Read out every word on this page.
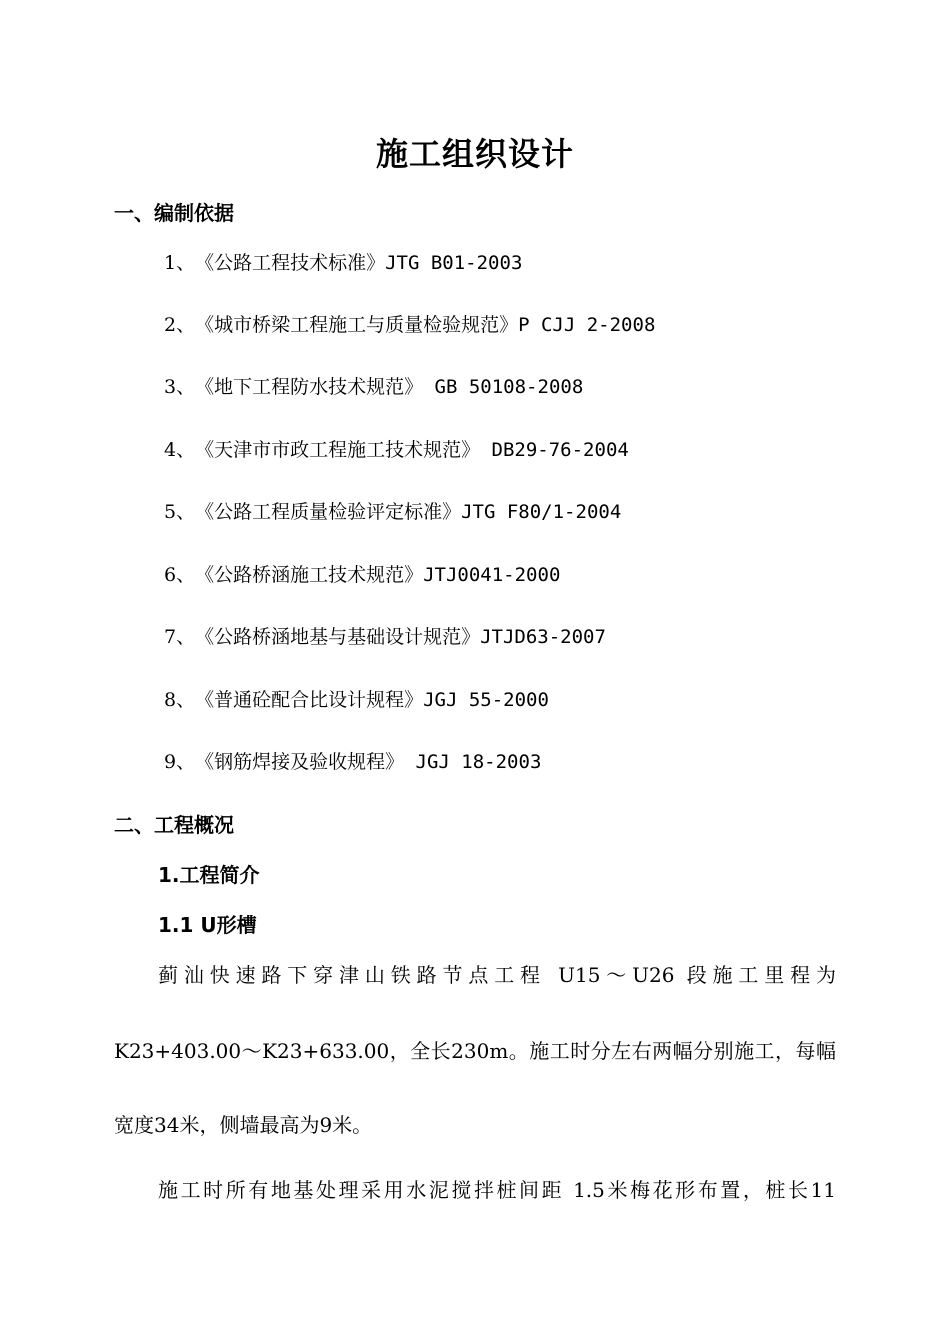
施工组织设计
一、编制依据
1、《公路工程技术标准》JTG B01-2003
2、《城市桥梁工程施工与质量检验规范》P CJJ 2-2008
3、《地下工程防水技术规范》 GB 50108-2008
4、《天津市市政工程施工技术规范》 DB29-76-2004
5、《公路工程质量检验评定标准》JTG F80/1-2004
6、《公路桥涵施工技术规范》JTJ0041-2000
7、《公路桥涵地基与基础设计规范》JTJD63-2007
8、《普通砼配合比设计规程》JGJ 55-2000
9、《钢筋焊接及验收规程》 JGJ 18-2003
二、工程概况
1.工程简介
1.1 U形槽
蓟汕快速路下穿津山铁路节点工程 U15～U26 段施工里程为
K23+403.00～K23+633.00，全长230m。施工时分左右两幅分别施工，每幅
宽度34米，侧墙最高为9米。
施工时所有地基处理采用水泥搅拌桩间距 1.5米梅花形布置，桩长11
